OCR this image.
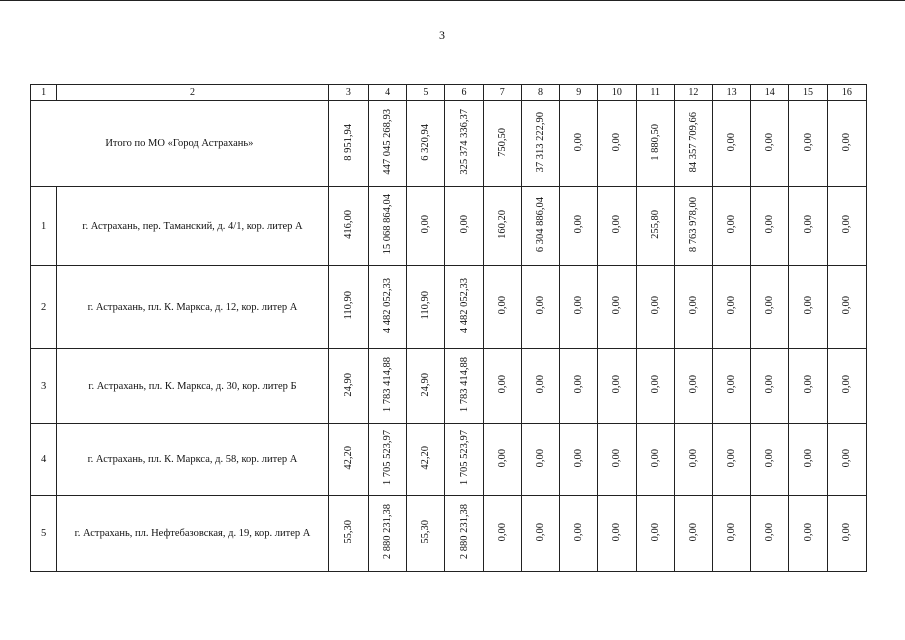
3
1	2	3	4	5	6	7	8	9	10	11	12	13	14	15	16
Итого по МО «Город Астрахань»		8 951,94	447 045 268,93	6 320,94	325 374 336,37	750,50	37 313 222,90	0,00	0,00	1 880,50	84 357 709,66	0,00	0,00	0,00	0,00
1	г. Астрахань, пер. Таманский, д. 4/1, кор. литер А	416,00	15 068 864,04	0,00	0,00	160,20	6 304 886,04	0,00	0,00	255,80	8 763 978,00	0,00	0,00	0,00	0,00
2	г. Астрахань, пл. К. Маркса, д. 12, кор. литер А	110,90	4 482 052,33	110,90	4 482 052,33	0,00	0,00	0,00	0,00	0,00	0,00	0,00	0,00	0,00	0,00
3	г. Астрахань, пл. К. Маркса, д. 30, кор. литер Б	24,90	1 783 414,88	24,90	1 783 414,88	0,00	0,00	0,00	0,00	0,00	0,00	0,00	0,00	0,00	0,00
4	г. Астрахань, пл. К. Маркса, д. 58, кор. литер А	42,20	1 705 523,97	42,20	1 705 523,97	0,00	0,00	0,00	0,00	0,00	0,00	0,00	0,00	0,00	0,00
5	г. Астрахань, пл. Нефтебазовская, д. 19, кор. литер А	55,30	2 880 231,38	55,30	2 880 231,38	0,00	0,00	0,00	0,00	0,00	0,00	0,00	0,00	0,00	0,00
